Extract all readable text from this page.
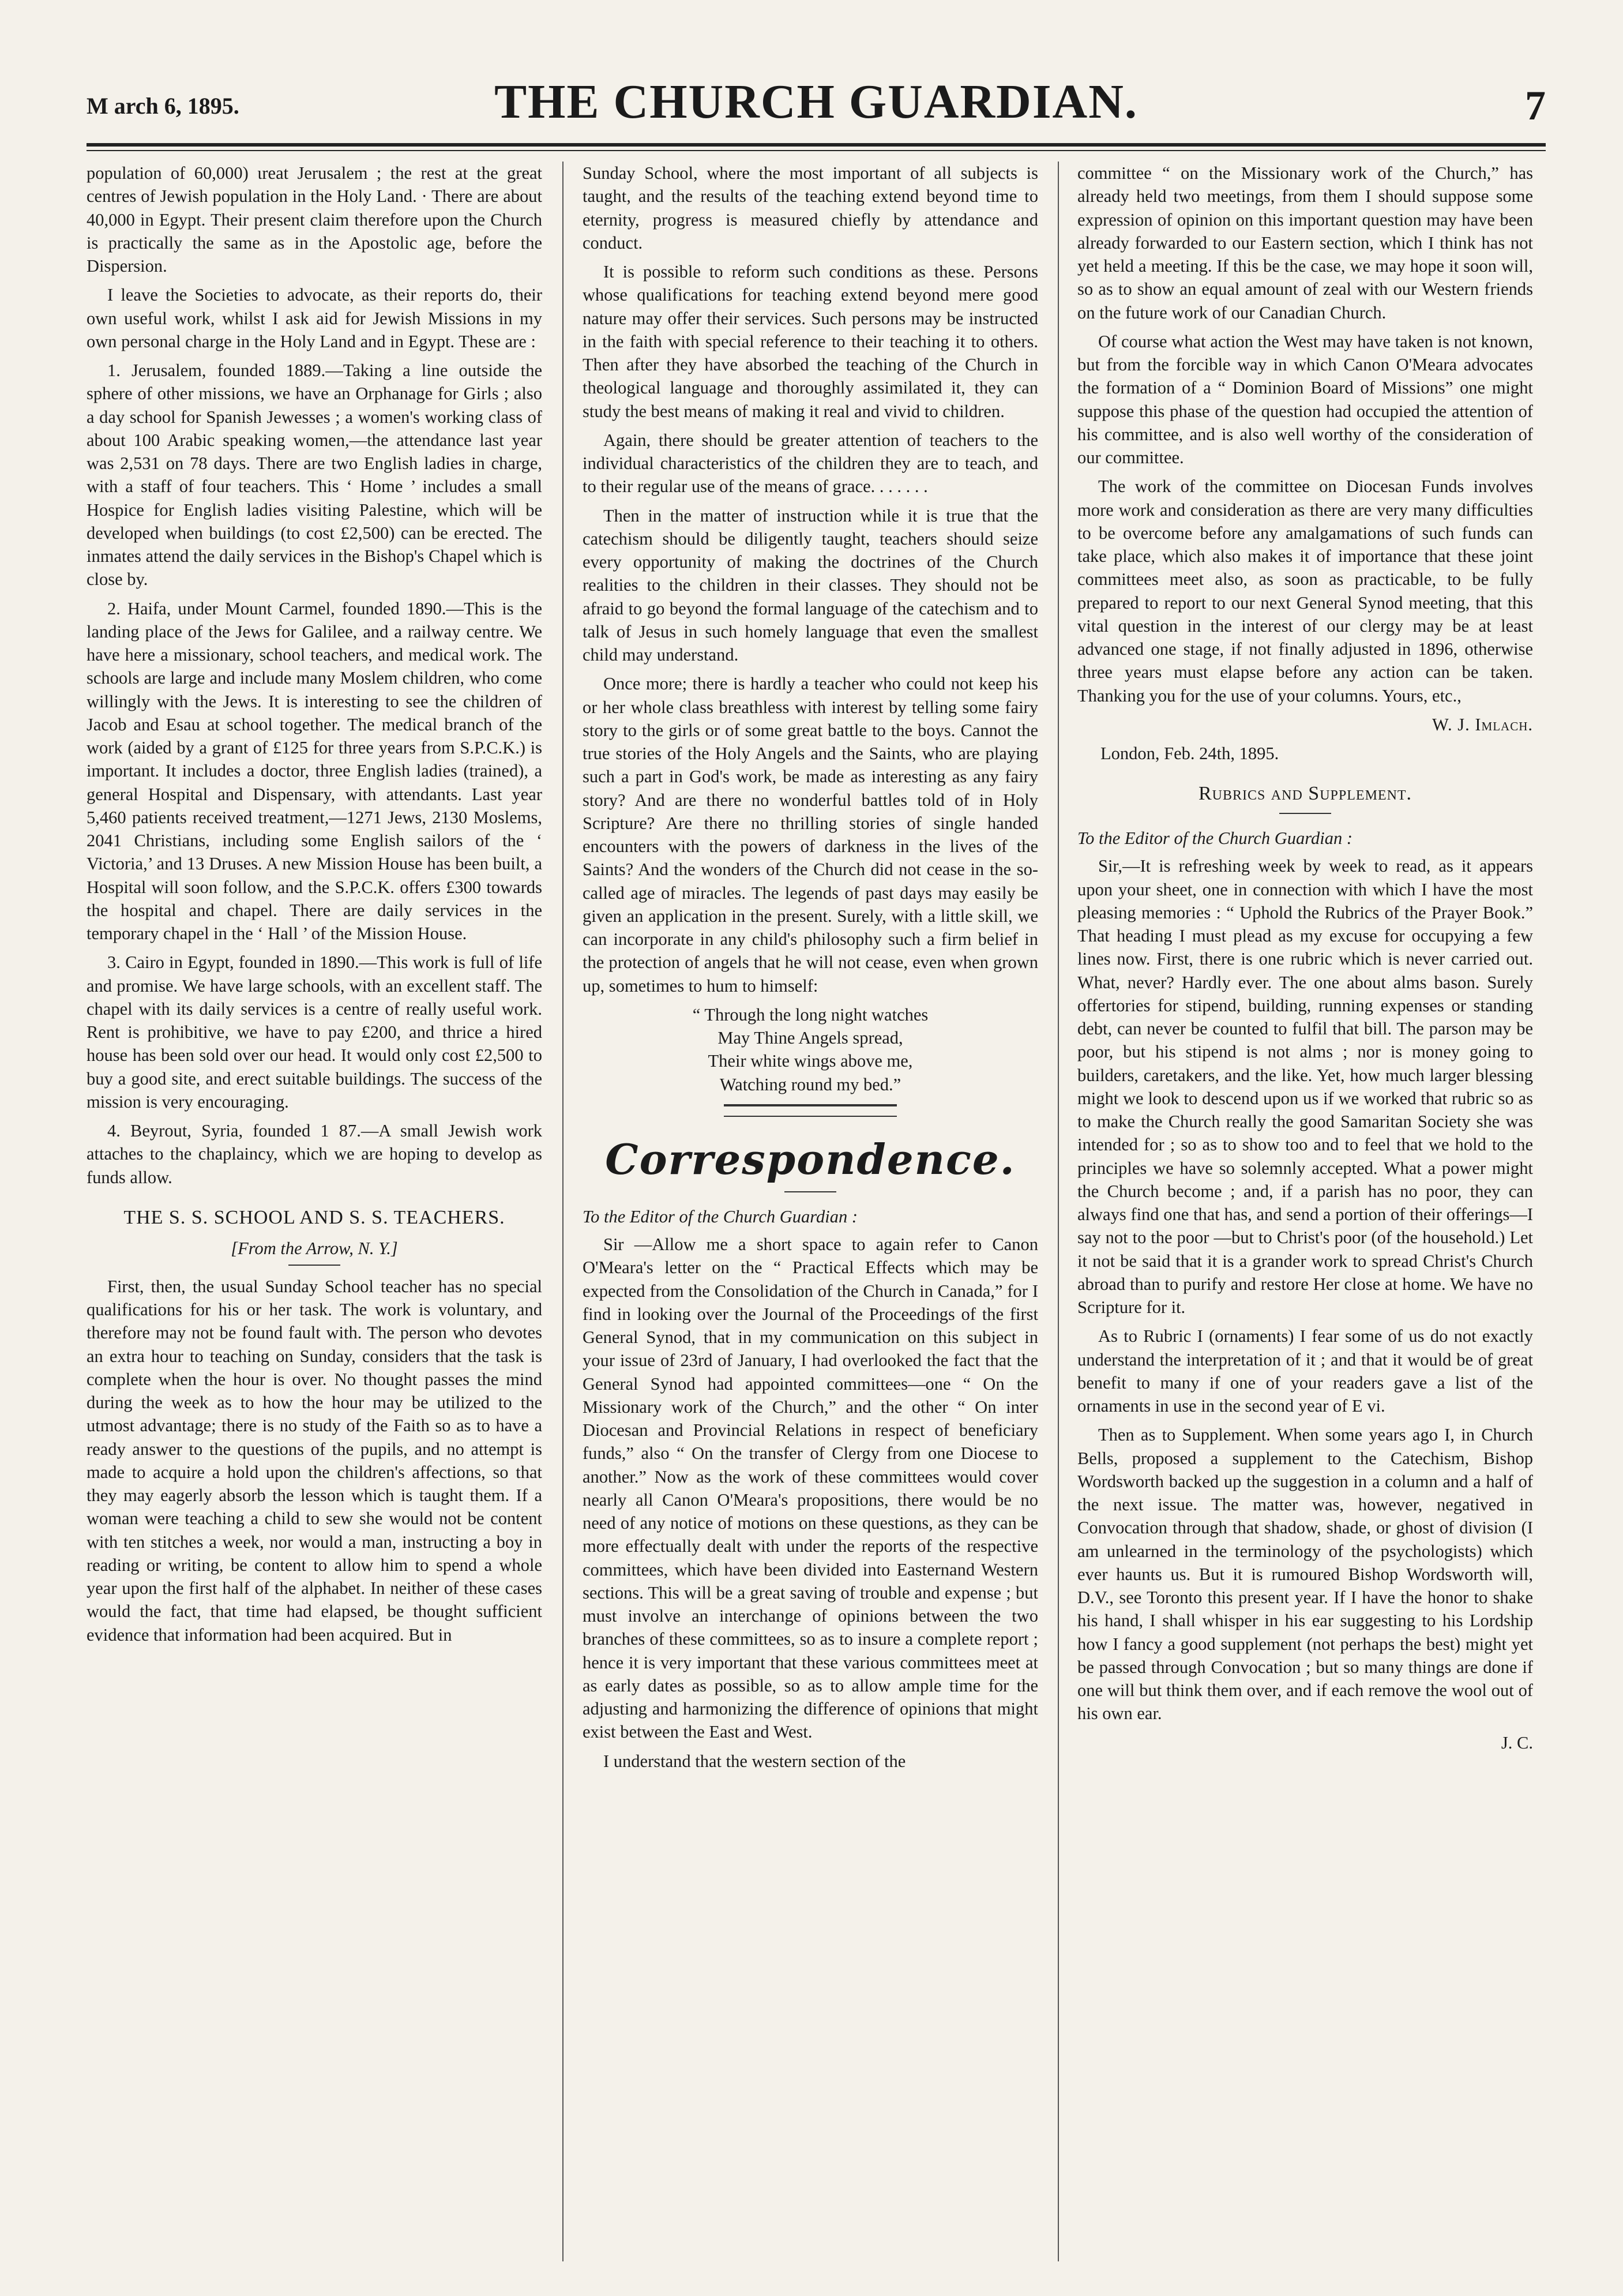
M arch 6, 1895.	THE CHURCH GUARDIAN.	7

population of 60,000) ɩreat Jerusalem ; the rest at the great centres of Jewish population in the Holy Land. · There are about 40,000 in Egypt. Their present claim therefore upon the Church is practically the same as in the Apostolic age, before the Dispersion.

I leave the Societies to advocate, as their reports do, their own useful work, whilst I ask aid for Jewish Missions in my own personal charge in the Holy Land and in Egypt. These are :

1. Jerusalem, founded 1889.—Taking a line outside the sphere of other missions, we have an Orphanage for Girls ; also a day school for Spanish Jewesses ; a women's working class of about 100 Arabic speaking women,—the attendance last year was 2,531 on 78 days. There are two English ladies in charge, with a staff of four teachers. This ‘ Home ’ includes a small Hospice for English ladies visiting Palestine, which will be developed when buildings (to cost £2,500) can be erected. The inmates attend the daily services in the Bishop's Chapel which is close by.

2. Haifa, under Mount Carmel, founded 1890.—This is the landing place of the Jews for Galilee, and a railway centre. We have here a missionary, school teachers, and medical work. The schools are large and include many Moslem children, who come willingly with the Jews. It is interesting to see the children of Jacob and Esau at school together. The medical branch of the work (aided by a grant of £125 for three years from S.P.C.K.) is important. It includes a doctor, three English ladies (trained), a general Hospital and Dispensary, with attendants. Last year 5,460 patients received treatment,—1271 Jews, 2130 Moslems, 2041 Christians, including some English sailors of the ‘ Victoria,’ and 13 Druses. A new Mission House has been built, a Hospital will soon follow, and the S.P.C.K. offers £300 towards the hospital and chapel. There are daily services in the temporary chapel in the ‘ Hall ’ of the Mission House.

3. Cairo in Egypt, founded in 1890.—This work is full of life and promise. We have large schools, with an excellent staff. The chapel with its daily services is a centre of really useful work. Rent is prohibitive, we have to pay £200, and thrice a hired house has been sold over our head. It would only cost £2,500 to buy a good site, and erect suitable buildings. The success of the mission is very encouraging.

4. Beyrout, Syria, founded 1 87.—A small Jewish work attaches to the chaplaincy, which we are hoping to develop as funds allow.

THE S. S. SCHOOL AND S. S. TEACHERS.
[From the Arrow, N. Y.]

First, then, the usual Sunday School teacher has no special qualifications for his or her task. The work is voluntary, and therefore may not be found fault with. The person who devotes an extra hour to teaching on Sunday, considers that the task is complete when the hour is over. No thought passes the mind during the week as to how the hour may be utilized to the utmost advantage; there is no study of the Faith so as to have a ready answer to the questions of the pupils, and no attempt is made to acquire a hold upon the children's affections, so that they may eagerly absorb the lesson which is taught them. If a woman were teaching a child to sew she would not be content with ten stitches a week, nor would a man, instructing a boy in reading or writing, be content to allow him to spend a whole year upon the first half of the alphabet. In neither of these cases would the fact, that time had elapsed, be thought sufficient evidence that information had been acquired. But in

Sunday School, where the most important of all subjects is taught, and the results of the teaching extend beyond time to eternity, progress is measured chiefly by attendance and conduct.

It is possible to reform such conditions as these. Persons whose qualifications for teaching extend beyond mere good nature may offer their services. Such persons may be instructed in the faith with special reference to their teaching it to others. Then after they have absorbed the teaching of the Church in theological language and thoroughly assimilated it, they can study the best means of making it real and vivid to children.

Again, there should be greater attention of teachers to the individual characteristics of the children they are to teach, and to their regular use of the means of grace. . . . . . .

Then in the matter of instruction while it is true that the catechism should be diligently taught, teachers should seize every opportunity of making the doctrines of the Church realities to the children in their classes. They should not be afraid to go beyond the formal language of the catechism and to talk of Jesus in such homely language that even the smallest child may understand.

Once more; there is hardly a teacher who could not keep his or her whole class breathless with interest by telling some fairy story to the girls or of some great battle to the boys. Cannot the true stories of the Holy Angels and the Saints, who are playing such a part in God's work, be made as interesting as any fairy story? And are there no wonderful battles told of in Holy Scripture? Are there no thrilling stories of single handed encounters with the powers of darkness in the lives of the Saints? And the wonders of the Church did not cease in the so-called age of miracles. The legends of past days may easily be given an application in the present. Surely, with a little skill, we can incorporate in any child's philosophy such a firm belief in the protection of angels that he will not cease, even when grown up, sometimes to hum to himself:

“ Through the long night watches
May Thine Angels spread,
Their white wings above me,
Watching round my bed.”
Correspondence.

To the Editor of the Church Guardian :

Sir —Allow me a short space to again refer to Canon O'Meara's letter on the “ Practical Effects which may be expected from the Consolidation of the Church in Canada,” for I find in looking over the Journal of the Proceedings of the first General Synod, that in my communication on this subject in your issue of 23rd of January, I had overlooked the fact that the General Synod had appointed committees—one “ On the Missionary work of the Church,” and the other “ On inter Diocesan and Provincial Relations in respect of beneficiary funds,” also “ On the transfer of Clergy from one Diocese to another.” Now as the work of these committees would cover nearly all Canon O'Meara's propositions, there would be no need of any notice of motions on these questions, as they can be more effectually dealt with under the reports of the respective committees, which have been divided into Easternand Western sections. This will be a great saving of trouble and expense ; but must involve an interchange of opinions between the two branches of these committees, so as to insure a complete report ; hence it is very important that these various committees meet at as early dates as possible, so as to allow ample time for the adjusting and harmonizing the difference of opinions that might exist between the East and West.

I understand that the western section of the

committee “ on the Missionary work of the Church,” has already held two meetings, from them I should suppose some expression of opinion on this important question may have been already forwarded to our Eastern section, which I think has not yet held a meeting. If this be the case, we may hope it soon will, so as to show an equal amount of zeal with our Western friends on the future work of our Canadian Church.

Of course what action the West may have taken is not known, but from the forcible way in which Canon O'Meara advocates the formation of a “ Dominion Board of Missions” one might suppose this phase of the question had occupied the attention of his committee, and is also well worthy of the consideration of our committee.

The work of the committee on Diocesan Funds involves more work and consideration as there are very many difficulties to be overcome before any amalgamations of such funds can take place, which also makes it of importance that these joint committees meet also, as soon as practicable, to be fully prepared to report to our next General Synod meeting, that this vital question in the interest of our clergy may be at least advanced one stage, if not finally adjusted in 1896, otherwise three years must elapse before any action can be taken. Thanking you for the use of your columns. Yours, etc.,

W. J. Imlach.

London, Feb. 24th, 1895.

Rubrics and Supplement.

To the Editor of the Church Guardian :

Sir,—It is refreshing week by week to read, as it appears upon your sheet, one in connection with which I have the most pleasing memories : “ Uphold the Rubrics of the Prayer Book.” That heading I must plead as my excuse for occupying a few lines now. First, there is one rubric which is never carried out. What, never? Hardly ever. The one about alms bason. Surely offertories for stipend, building, running expenses or standing debt, can never be counted to fulfil that bill. The parson may be poor, but his stipend is not alms ; nor is money going to builders, caretakers, and the like. Yet, how much larger blessing might we look to descend upon us if we worked that rubric so as to make the Church really the good Samaritan Society she was intended for ; so as to show too and to feel that we hold to the principles we have so solemnly accepted. What a power might the Church become ; and, if a parish has no poor, they can always find one that has, and send a portion of their offerings—I say not to the poor —but to Christ's poor (of the household.) Let it not be said that it is a grander work to spread Christ's Church abroad than to purify and restore Her close at home. We have no Scripture for it.

As to Rubric I (ornaments) I fear some of us do not exactly understand the interpretation of it ; and that it would be of great benefit to many if one of your readers gave a list of the ornaments in use in the second year of E vi.

Then as to Supplement. When some years ago I, in Church Bells, proposed a supplement to the Catechism, Bishop Wordsworth backed up the suggestion in a column and a half of the next issue. The matter was, however, negatived in Convocation through that shadow, shade, or ghost of division (I am unlearned in the terminology of the psychologists) which ever haunts us. But it is rumoured Bishop Wordsworth will, D.V., see Toronto this present year. If I have the honor to shake his hand, I shall whisper in his ear suggesting to his Lordship how I fancy a good supplement (not perhaps the best) might yet be passed through Convocation ; but so many things are done if one will but think them over, and if each remove the wool out of his own ear.

J. C.
